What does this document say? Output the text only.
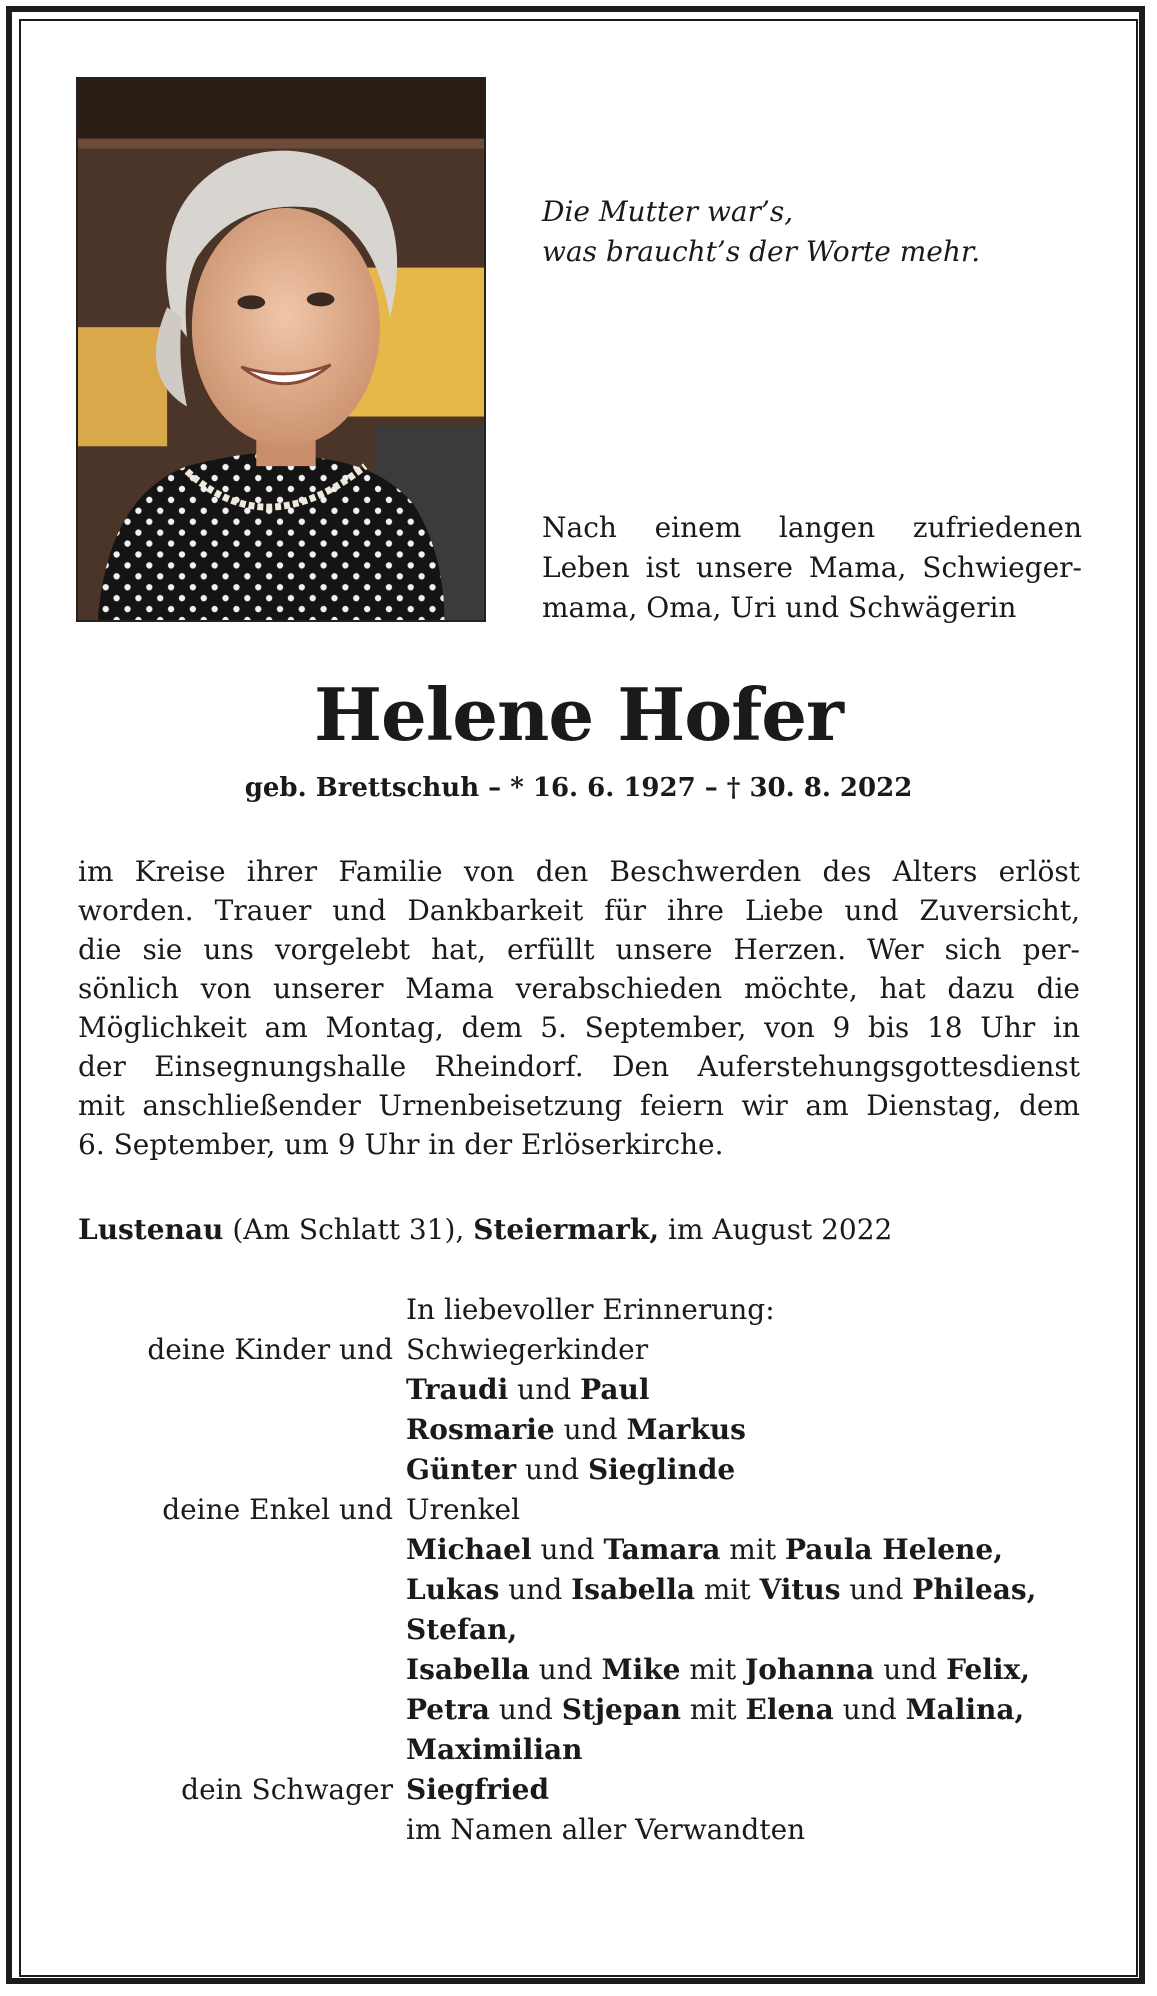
Die Mutter war’s,
was braucht’s der Worte mehr.
Nach einem langen zufriedenen
Leben ist unsere Mama, Schwieger-
mama, Oma, Uri und Schwägerin
Helene Hofer
geb. Brettschuh – * 16. 6. 1927 – † 30. 8. 2022
im Kreise ihrer Familie von den Beschwerden des Alters erlöst
worden. Trauer und Dankbarkeit für ihre Liebe und Zuversicht,
die sie uns vorgelebt hat, erfüllt unsere Herzen. Wer sich per-
sönlich von unserer Mama verabschieden möchte, hat dazu die
Möglichkeit am Montag, dem 5. September, von 9 bis 18 Uhr in
der Einsegnungshalle Rheindorf. Den Auferstehungsgottesdienst
mit anschließender Urnenbeisetzung feiern wir am Dienstag, dem
6. September, um 9 Uhr in der Erlöserkirche.
Lustenau (Am Schlatt 31), Steiermark, im August 2022
In liebevoller Erinnerung:
deine Kinder und Schwiegerkinder
Traudi und Paul
Rosmarie und Markus
Günter und Sieglinde
deine Enkel und Urenkel
Michael und Tamara mit Paula Helene,
Lukas und Isabella mit Vitus und Phileas,
Stefan,
Isabella und Mike mit Johanna und Felix,
Petra und Stjepan mit Elena und Malina,
Maximilian
dein Schwager Siegfried
im Namen aller Verwandten
